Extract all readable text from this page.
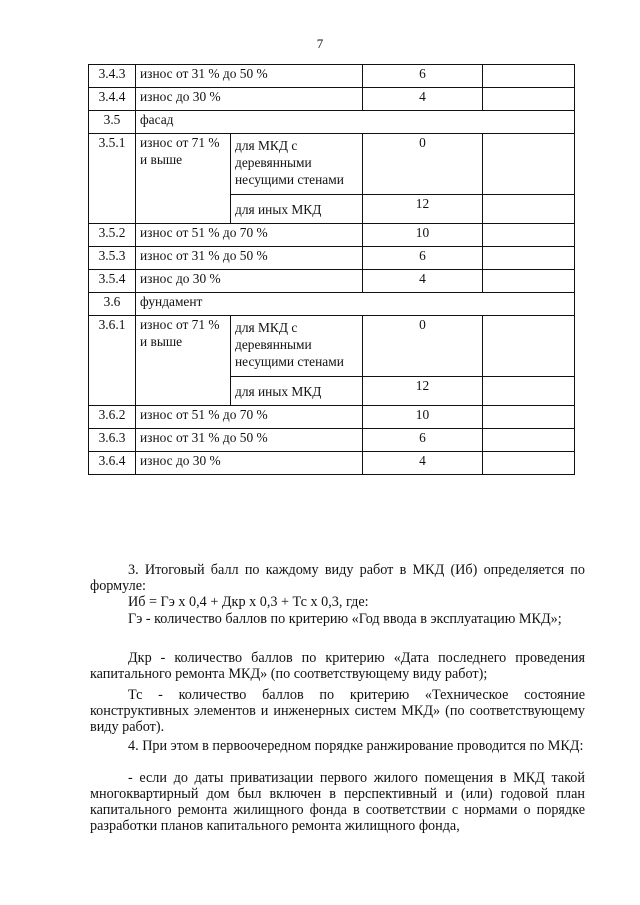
7
3.4.3	износ от 31 % до 50 %		6	
3.4.4	износ до 30 %		4	
3.5	фасад			
3.5.1	износ от 71 % и выше	для МКД с деревянными несущими стенами	0	
		для иных МКД	12	
3.5.2	износ от 51 % до 70 %		10	
3.5.3	износ от 31 % до 50 %		6	
3.5.4	износ до 30 %		4	
3.6	фундамент			
3.6.1	износ от 71 % и выше	для МКД с деревянными несущими стенами	0	
		для иных МКД	12	
3.6.2	износ от 51 % до 70 %		10	
3.6.3	износ от 31 % до 50 %		6	
3.6.4	износ до 30 %		4	
3. Итоговый балл по каждому виду работ в МКД (Иб) определяется по формуле:
Иб = Гэ х 0,4 + Дкр х 0,3 + Тс х 0,3, где:
Гэ - количество баллов по критерию «Год ввода в эксплуатацию МКД»;
Дкр - количество баллов по критерию «Дата последнего проведения капитального ремонта МКД» (по соответствующему виду работ);
Тс - количество баллов по критерию «Техническое состояние конструктивных элементов и инженерных систем МКД» (по соответствующему виду работ).
4. При этом в первоочередном порядке ранжирование проводится по МКД:
- если до даты приватизации первого жилого помещения в МКД такой многоквартирный дом был включен в перспективный и (или) годовой план капитального ремонта жилищного фонда в соответствии с нормами о порядке разработки планов капитального ремонта жилищного фонда,
